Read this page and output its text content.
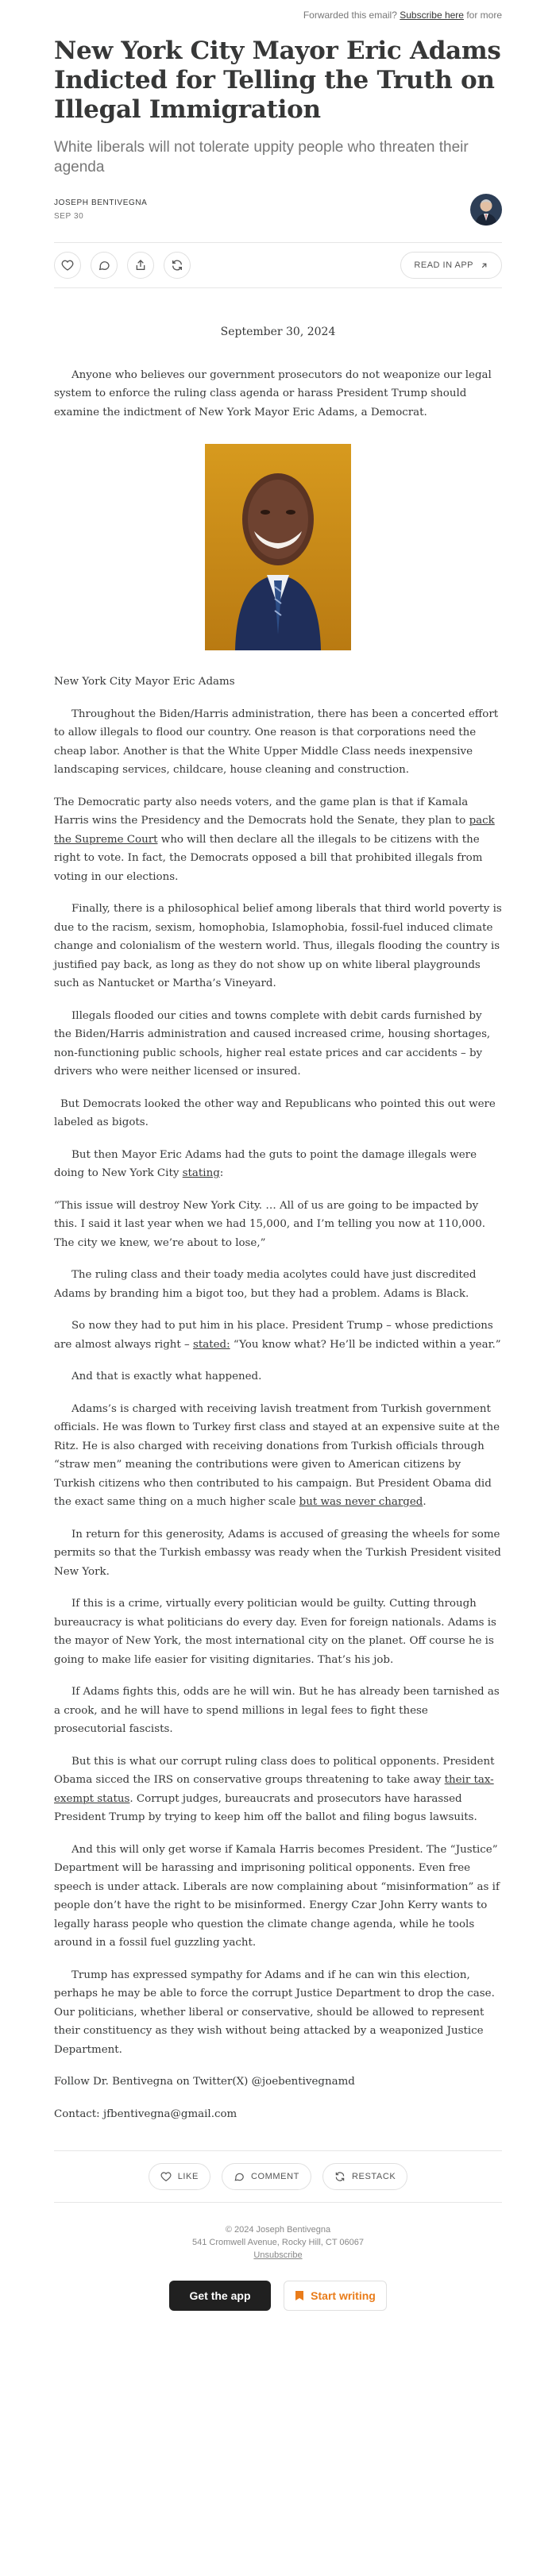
Forwarded this email? Subscribe here for more
New York City Mayor Eric Adams Indicted for Telling the Truth on Illegal Immigration
White liberals will not tolerate uppity people who threaten their agenda
JOSEPH BENTIVEGNA
SEP 30
READ IN APP
September 30, 2024

Anyone who believes our government prosecutors do not weaponize our legal system to enforce the ruling class agenda or harass President Trump should examine the indictment of New York Mayor Eric Adams, a Democrat.

New York City Mayor Eric Adams

Throughout the Biden/Harris administration, there has been a concerted effort to allow illegals to flood our country. One reason is that corporations need the cheap labor. Another is that the White Upper Middle Class needs inexpensive landscaping services, childcare, house cleaning and construction.

The Democratic party also needs voters, and the game plan is that if Kamala Harris wins the Presidency and the Democrats hold the Senate, they plan to pack the Supreme Court who will then declare all the illegals to be citizens with the right to vote. In fact, the Democrats opposed a bill that prohibited illegals from voting in our elections.

Finally, there is a philosophical belief among liberals that third world poverty is due to the racism, sexism, homophobia, Islamophobia, fossil-fuel induced climate change and colonialism of the western world. Thus, illegals flooding the country is justified pay back, as long as they do not show up on white liberal playgrounds such as Nantucket or Martha’s Vineyard.

Illegals flooded our cities and towns complete with debit cards furnished by the Biden/Harris administration and caused increased crime, housing shortages, non-functioning public schools, higher real estate prices and car accidents – by drivers who were neither licensed or insured.

But Democrats looked the other way and Republicans who pointed this out were labeled as bigots.

But then Mayor Eric Adams had the guts to point the damage illegals were doing to New York City stating:

“This issue will destroy New York City. … All of us are going to be impacted by this. I said it last year when we had 15,000, and I’m telling you now at 110,000. The city we knew, we’re about to lose,”

The ruling class and their toady media acolytes could have just discredited Adams by branding him a bigot too, but they had a problem. Adams is Black.

So now they had to put him in his place. President Trump – whose predictions are almost always right – stated: “You know what? He’ll be indicted within a year.”

And that is exactly what happened.

Adams’s is charged with receiving lavish treatment from Turkish government officials. He was flown to Turkey first class and stayed at an expensive suite at the Ritz. He is also charged with receiving donations from Turkish officials through “straw men” meaning the contributions were given to American citizens by Turkish citizens who then contributed to his campaign. But President Obama did the exact same thing on a much higher scale but was never charged.

In return for this generosity, Adams is accused of greasing the wheels for some permits so that the Turkish embassy was ready when the Turkish President visited New York.

If this is a crime, virtually every politician would be guilty. Cutting through bureaucracy is what politicians do every day. Even for foreign nationals. Adams is the mayor of New York, the most international city on the planet. Off course he is going to make life easier for visiting dignitaries. That’s his job.

If Adams fights this, odds are he will win. But he has already been tarnished as a crook, and he will have to spend millions in legal fees to fight these prosecutorial fascists.

But this is what our corrupt ruling class does to political opponents. President Obama sicced the IRS on conservative groups threatening to take away their tax-exempt status. Corrupt judges, bureaucrats and prosecutors have harassed President Trump by trying to keep him off the ballot and filing bogus lawsuits.

And this will only get worse if Kamala Harris becomes President. The “Justice” Department will be harassing and imprisoning political opponents. Even free speech is under attack. Liberals are now complaining about “misinformation” as if people don’t have the right to be misinformed. Energy Czar John Kerry wants to legally harass people who question the climate change agenda, while he tools around in a fossil fuel guzzling yacht.

Trump has expressed sympathy for Adams and if he can win this election, perhaps he may be able to force the corrupt Justice Department to drop the case. Our politicians, whether liberal or conservative, should be allowed to represent their constituency as they wish without being attacked by a weaponized Justice Department.

Follow Dr. Bentivegna on Twitter(X) @joebentivegnamd

Contact: jfbentivegna@gmail.com

LIKE	COMMENT	RESTACK
© 2024 Joseph Bentivegna
541 Cromwell Avenue, Rocky Hill, CT 06067
Unsubscribe
Get the app	Start writing
